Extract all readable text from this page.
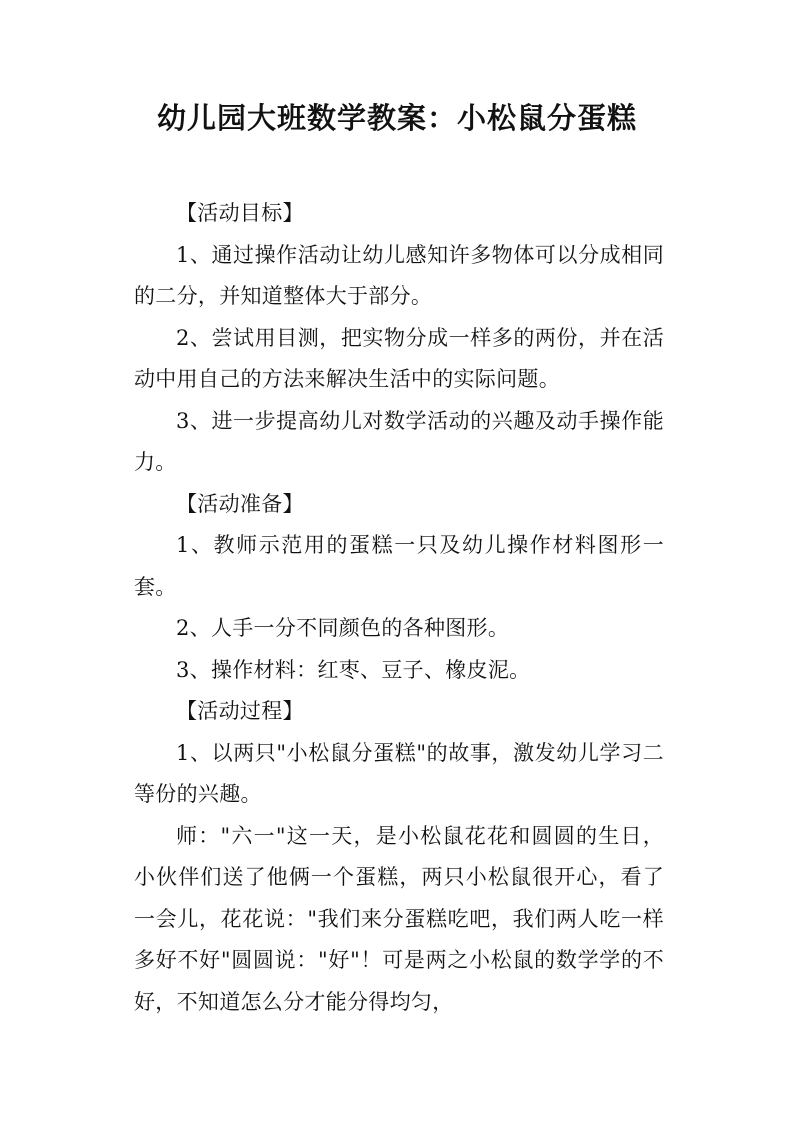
幼儿园大班数学教案：小松鼠分蛋糕

【活动目标】

1、通过操作活动让幼儿感知许多物体可以分成相同的二分，并知道整体大于部分。

2、尝试用目测，把实物分成一样多的两份，并在活动中用自己的方法来解决生活中的实际问题。

3、进一步提高幼儿对数学活动的兴趣及动手操作能力。

【活动准备】

1、教师示范用的蛋糕一只及幼儿操作材料图形一套。

2、人手一分不同颜色的各种图形。

3、操作材料：红枣、豆子、橡皮泥。

【活动过程】

1、以两只"小松鼠分蛋糕"的故事，激发幼儿学习二等份的兴趣。

师："六一"这一天，是小松鼠花花和圆圆的生日，小伙伴们送了他俩一个蛋糕，两只小松鼠很开心，看了一会儿，花花说："我们来分蛋糕吃吧，我们两人吃一样多好不好"圆圆说："好"！可是两之小松鼠的数学学的不好，不知道怎么分才能分得均匀，
